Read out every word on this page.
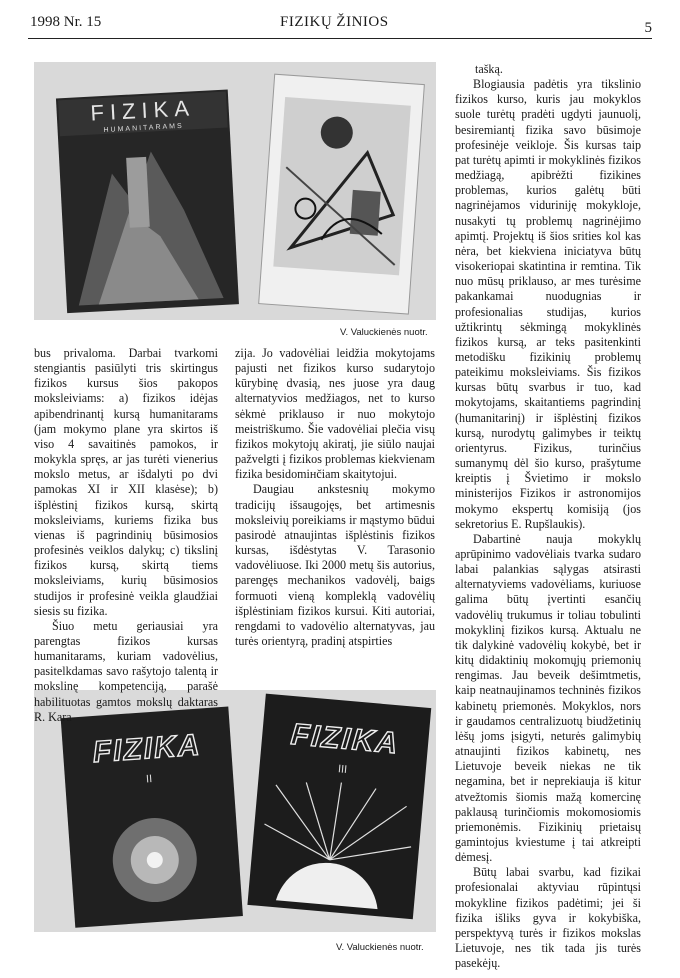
1998 Nr. 15	FIZIKŲ ŽINIOS	5
FIZIKA
HUMANITARAMS
V. Valuckienės nuotr.
FIZIKA
II
FIZIKA
III
V. Valuckienės nuotr.

bus privaloma. Darbai tvarkomi stengiantis pasiūlyti tris skirtingus fizikos kursus šios pakopos moksleiviams: a) fizikos idėjas apibendrinantį kursą humanitarams (jam mokymo plane yra skirtos iš viso 4 savaitinės pamokos, ir mokykla spręs, ar jas turėti vienerius mokslo metus, ar išdalyti po dvi pamokas XI ir XII klasėse); b) išplėstinį fizikos kursą, skirtą moksleiviams, kuriems fizika bus vienas iš pagrindinių būsimosios profesinės veiklos dalykų; c) tikslinį fizikos kursą, skirtą tiems moksleiviams, kurių būsimosios studijos ir profesinė veikla glaudžiai siesis su fizika.

Šiuo metu geriausiai yra parengtas fizikos kursas humanitarams, kuriam vadovėlius, pasitelkdamas savo rašytojo talentą ir mokslinę kompetenciją, parašė habilituotas gamtos mokslų daktaras R. Kara-

zija. Jo vadovėliai leidžia mokytojams pajusti net fizikos kurso sudarytojo kūrybinę dvasią, nes juose yra daug alternatyvios medžiagos, net to kurso sėkmė priklauso ir nuo mokytojo meistriškumo. Šie vadovėliai plečia visų fizikos mokytojų akiratį, jie siūlo naujai pažvelgti į fizikos problemas kiekvienam fizika besidomінčiam skaitytojui.

Daugiau ankstesnių mokymo tradicijų išsaugojęs, bet artimesnis moksleivių poreikiams ir mąstymo būdui pasirodė atnaujintas išplėstinis fizikos kursas, išdėstytas V. Tarasonio vadovėliuose. Iki 2000 metų šis autorius, parengęs mechanikos vadovėlį, baigs formuoti vieną kompleklą vadovėlių išplėstiniam fizikos kursui. Kiti autoriai, rengdami to vadovėlio alternatyvas, jau turės orientyrą, pradinį atspirties

tašką.

Blogiausia padėtis yra tikslinio fizikos kurso, kuris jau mokyklos suole turėtų pradėti ugdyti jaunuolį, besiremiantį fizika savo būsimoje profesinėje veikloje. Šis kursas taip pat turėtų apimti ir mokyklinės fizikos medžiagą, apibrėžti fizikines problemas, kurios galėtų būti nagrinėjamos viduriniję mokykloje, nusakyti tų problemų nagrinėjimo apimtį. Projektų iš šios srities kol kas nėra, bet kiekviena iniciatyva būtų visokeriopai skatintina ir remtina. Tik nuo mūsų priklauso, ar mes turėsime pakankamai nuodugnias ir profesionalias studijas, kurios užtikrintų sėkmingą mokyklinės fizikos kursą, ar teks pasitenkinti metodišku fizikinių problemų pateikimu moksleiviams. Šis fizikos kursas būtų svarbus ir tuo, kad mokytojams, skaitantiems pagrindinį (humanitarinį) ir išplėstinį fizikos kursą, nurodytų galimybes ir teiktų orientyrus. Fizikus, turinčius sumanymų dėl šio kurso, prašytume kreiptis į Švietimo ir mokslo ministerijos Fizikos ir astronomijos mokymo ekspertų komisiją (jos sekretorius E. Rupšlaukis).

Dabartinė nauja mokyklų aprūpinimo vadovėliais tvarka sudaro labai palankias sąlygas atsirasti alternatyviems vadovėliams, kuriuose galima būtų įvertinti esančių vadovėlių trukumus ir toliau tobulinti mokyklinį fizikos kursą. Aktualu ne tik dalykinė vadovėlių kokybė, bet ir kitų didaktinių mokomųjų priemonių rengimas. Jau beveik dešimtmetis, kaip neatnaujinamos techninės fizikos kabinetų priemonės. Mokyklos, nors ir gaudamos centralizuotų biudžetinių lėšų joms įsigyti, neturės galimybių atnaujinti fizikos kabinetų, nes Lietuvoje beveik niekas ne tik negamina, bet ir neprekiauja iš kitur atvežtomis šiomis mažą komercinę paklausą turinčiomis mokomosiomis priemonėmis. Fizikinių prietaisų gamintojus kviestume į tai atkreipti dėmesį.

Būtų labai svarbu, kad fizikai profesionalai aktyviau rūpintųsi mokykline fizikos padėtimi; jei ši fizika išliks gyva ir kokybiška, perspektyvą turės ir fizikos mokslas Lietuvoje, nes tik tada jis turės pasekėjų.
